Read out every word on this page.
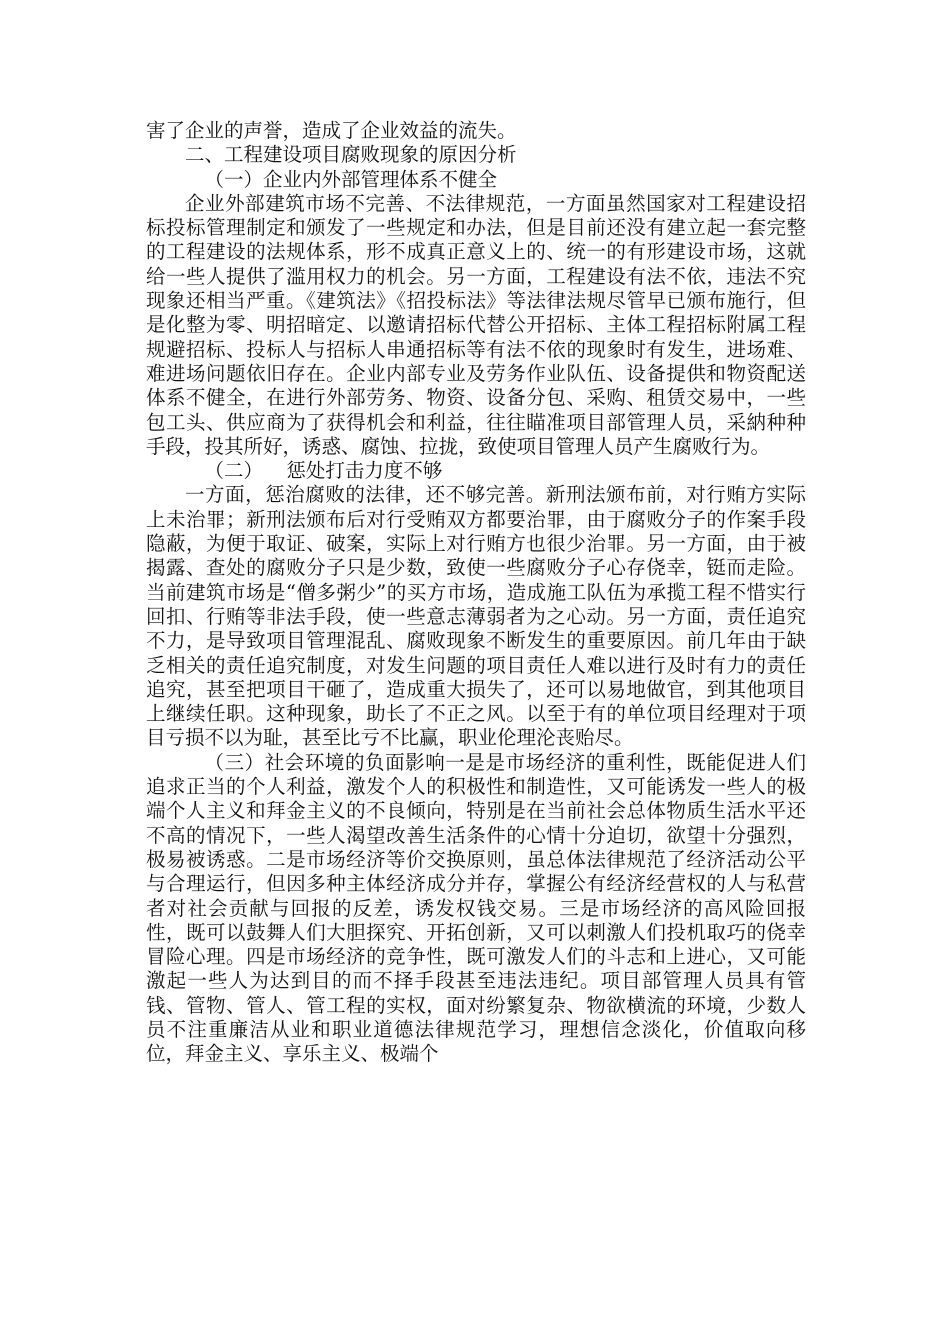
害了企业的声誉，造成了企业效益的流失。

二、工程建设项目腐败现象的原因分析

（一）企业内外部管理体系不健全

企业外部建筑市场不完善、不法律规范，一方面虽然国家对工程建设招标投标管理制定和颁发了一些规定和办法，但是目前还没有建立起一套完整的工程建设的法规体系，形不成真正意义上的、统一的有形建设市场，这就给一些人提供了滥用权力的机会。另一方面，工程建设有法不依，违法不究现象还相当严重。《建筑法》《招投标法》等法律法规尽管早已颁布施行，但是化整为零、明招暗定、以邀请招标代替公开招标、主体工程招标附属工程规避招标、投标人与招标人串通招标等有法不依的现象时有发生，进场难、难进场问题依旧存在。企业内部专业及劳务作业队伍、设备提供和物资配送体系不健全，在进行外部劳务、物资、设备分包、采购、租赁交易中，一些包工头、供应商为了获得机会和利益，往往瞄准项目部管理人员，采納种种手段，投其所好，诱惑、腐蚀、拉拢，致使项目管理人员产生腐败行为。

（二） 惩处打击力度不够

一方面，惩治腐败的法律，还不够完善。新刑法颁布前，对行贿方实际上未治罪；新刑法颁布后对行受贿双方都要治罪，由于腐败分子的作案手段隐蔽，为便于取证、破案，实际上对行贿方也很少治罪。另一方面，由于被揭露、查处的腐败分子只是少数，致使一些腐败分子心存侥幸，铤而走险。当前建筑市场是“僧多粥少”的买方市场，造成施工队伍为承揽工程不惜实行回扣、行贿等非法手段，使一些意志薄弱者为之心动。另一方面，责任追究不力，是导致项目管理混乱、腐败现象不断发生的重要原因。前几年由于缺乏相关的责任追究制度，对发生问题的项目责任人难以进行及时有力的责任追究，甚至把项目干砸了，造成重大损失了，还可以易地做官，到其他项目上继续任职。这种现象，助长了不正之风。以至于有的单位项目经理对于项目亏损不以为耻，甚至比亏不比赢，职业伦理沦丧贻尽。

（三）社会环境的负面影响一是是市场经济的重利性，既能促进人们追求正当的个人利益，激发个人的积极性和制造性，又可能诱发一些人的极端个人主义和拜金主义的不良倾向，特别是在当前社会总体物质生活水平还不高的情况下，一些人渴望改善生活条件的心情十分迫切，欲望十分强烈，极易被诱惑。二是市场经济等价交换原则，虽总体法律规范了经济活动公平与合理运行，但因多种主体经济成分并存，掌握公有经济经营权的人与私营者对社会贡献与回报的反差，诱发权钱交易。三是市场经济的高风险回报性，既可以鼓舞人们大胆探究、开拓创新，又可以刺激人们投机取巧的侥幸冒险心理。四是市场经济的竞争性，既可激发人们的斗志和上进心，又可能激起一些人为达到目的而不择手段甚至违法违纪。项目部管理人员具有管钱、管物、管人、管工程的实权，面对纷繁复杂、物欲横流的环境，少数人员不注重廉洁从业和职业道德法律规范学习，理想信念淡化，价值取向移位，拜金主义、享乐主义、极端个
